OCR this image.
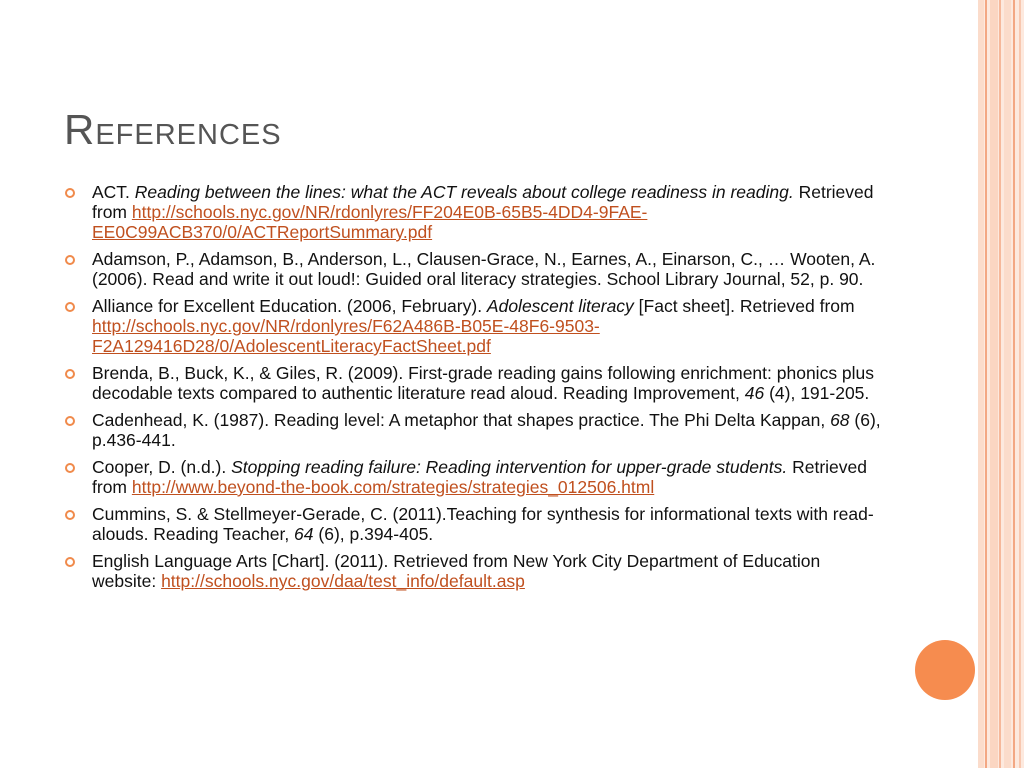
References
ACT. Reading between the lines: what the ACT reveals about college readiness in reading. Retrieved from http://schools.nyc.gov/NR/rdonlyres/FF204E0B-65B5-4DD4-9FAE-EE0C99ACB370/0/ACTReportSummary.pdf
Adamson, P., Adamson, B., Anderson, L., Clausen-Grace, N., Earnes, A., Einarson, C., … Wooten, A. (2006). Read and write it out loud!: Guided oral literacy strategies. School Library Journal, 52, p. 90.
Alliance for Excellent Education. (2006, February). Adolescent literacy [Fact sheet]. Retrieved from http://schools.nyc.gov/NR/rdonlyres/F62A486B-B05E-48F6-9503-F2A129416D28/0/AdolescentLiteracyFactSheet.pdf
Brenda, B., Buck, K., & Giles, R. (2009). First-grade reading gains following enrichment: phonics plus decodable texts compared to authentic literature read aloud. Reading Improvement, 46 (4), 191-205.
Cadenhead, K. (1987). Reading level: A metaphor that shapes practice. The Phi Delta Kappan, 68 (6), p.436-441.
Cooper, D. (n.d.). Stopping reading failure: Reading intervention for upper-grade students. Retrieved from http://www.beyond-the-book.com/strategies/strategies_012506.html
Cummins, S. & Stellmeyer-Gerade, C. (2011).Teaching for synthesis for informational texts with read-alouds. Reading Teacher, 64 (6), p.394-405.
English Language Arts [Chart]. (2011). Retrieved from New York City Department of Education website: http://schools.nyc.gov/daa/test_info/default.asp
